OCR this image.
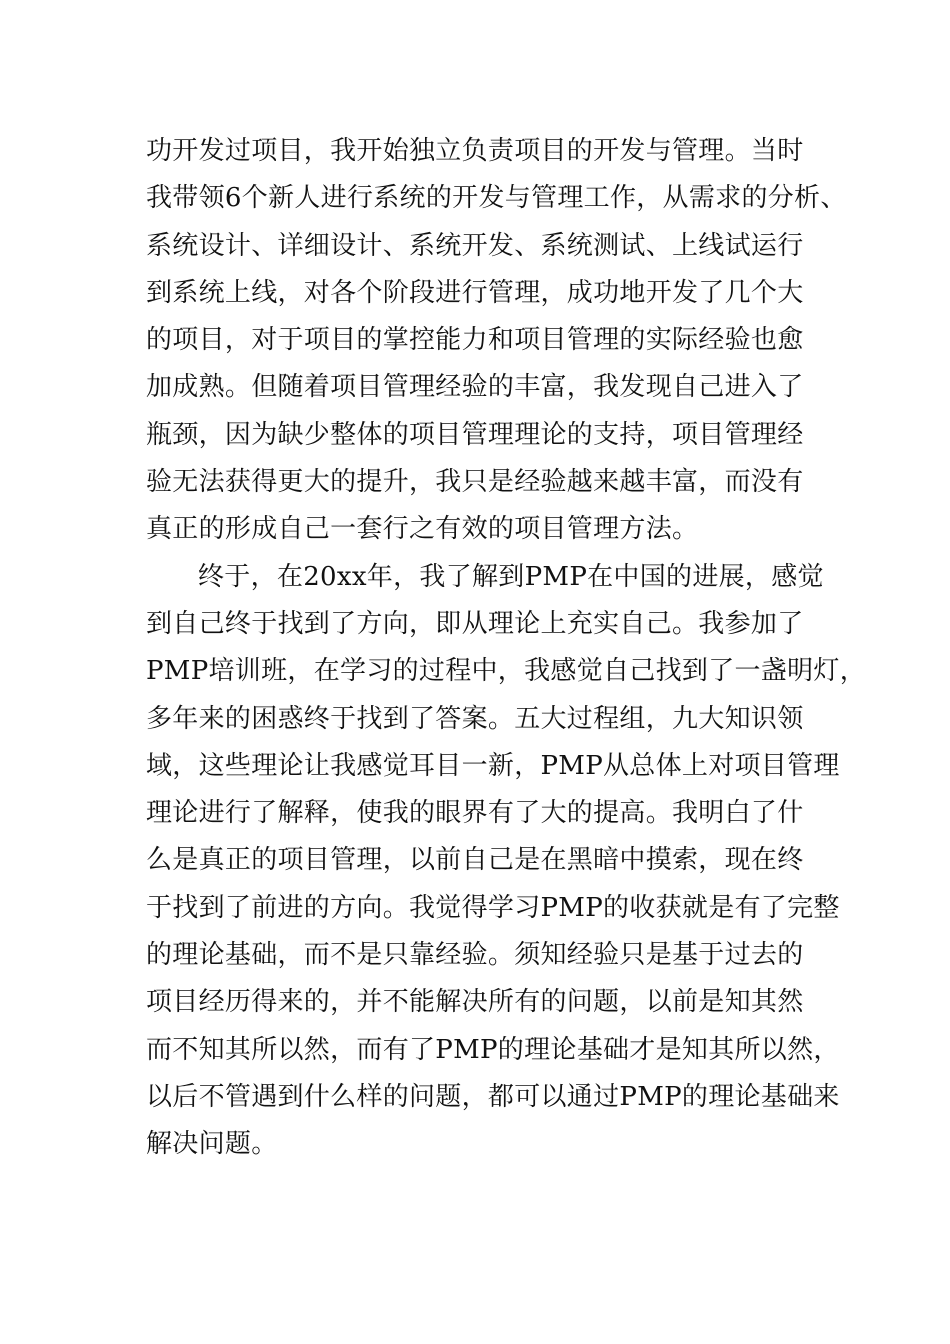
功开发过项目，我开始独立负责项目的开发与管理。当时
我带领6个新人进行系统的开发与管理工作，从需求的分析、
系统设计、详细设计、系统开发、系统测试、上线试运行
到系统上线，对各个阶段进行管理，成功地开发了几个大
的项目，对于项目的掌控能力和项目管理的实际经验也愈
加成熟。但随着项目管理经验的丰富，我发现自己进入了
瓶颈，因为缺少整体的项目管理理论的支持，项目管理经
验无法获得更大的提升，我只是经验越来越丰富，而没有
真正的形成自己一套行之有效的项目管理方法。
终于，在20xx年，我了解到PMP在中国的进展，感觉
到自己终于找到了方向，即从理论上充实自己。我参加了
PMP培训班，在学习的过程中，我感觉自己找到了一盏明灯，
多年来的困惑终于找到了答案。五大过程组，九大知识领
域，这些理论让我感觉耳目一新，PMP从总体上对项目管理
理论进行了解释，使我的眼界有了大的提高。我明白了什
么是真正的项目管理，以前自己是在黑暗中摸索，现在终
于找到了前进的方向。我觉得学习PMP的收获就是有了完整
的理论基础，而不是只靠经验。须知经验只是基于过去的
项目经历得来的，并不能解决所有的问题，以前是知其然
而不知其所以然，而有了PMP的理论基础才是知其所以然，
以后不管遇到什么样的问题，都可以通过PMP的理论基础来
解决问题。
